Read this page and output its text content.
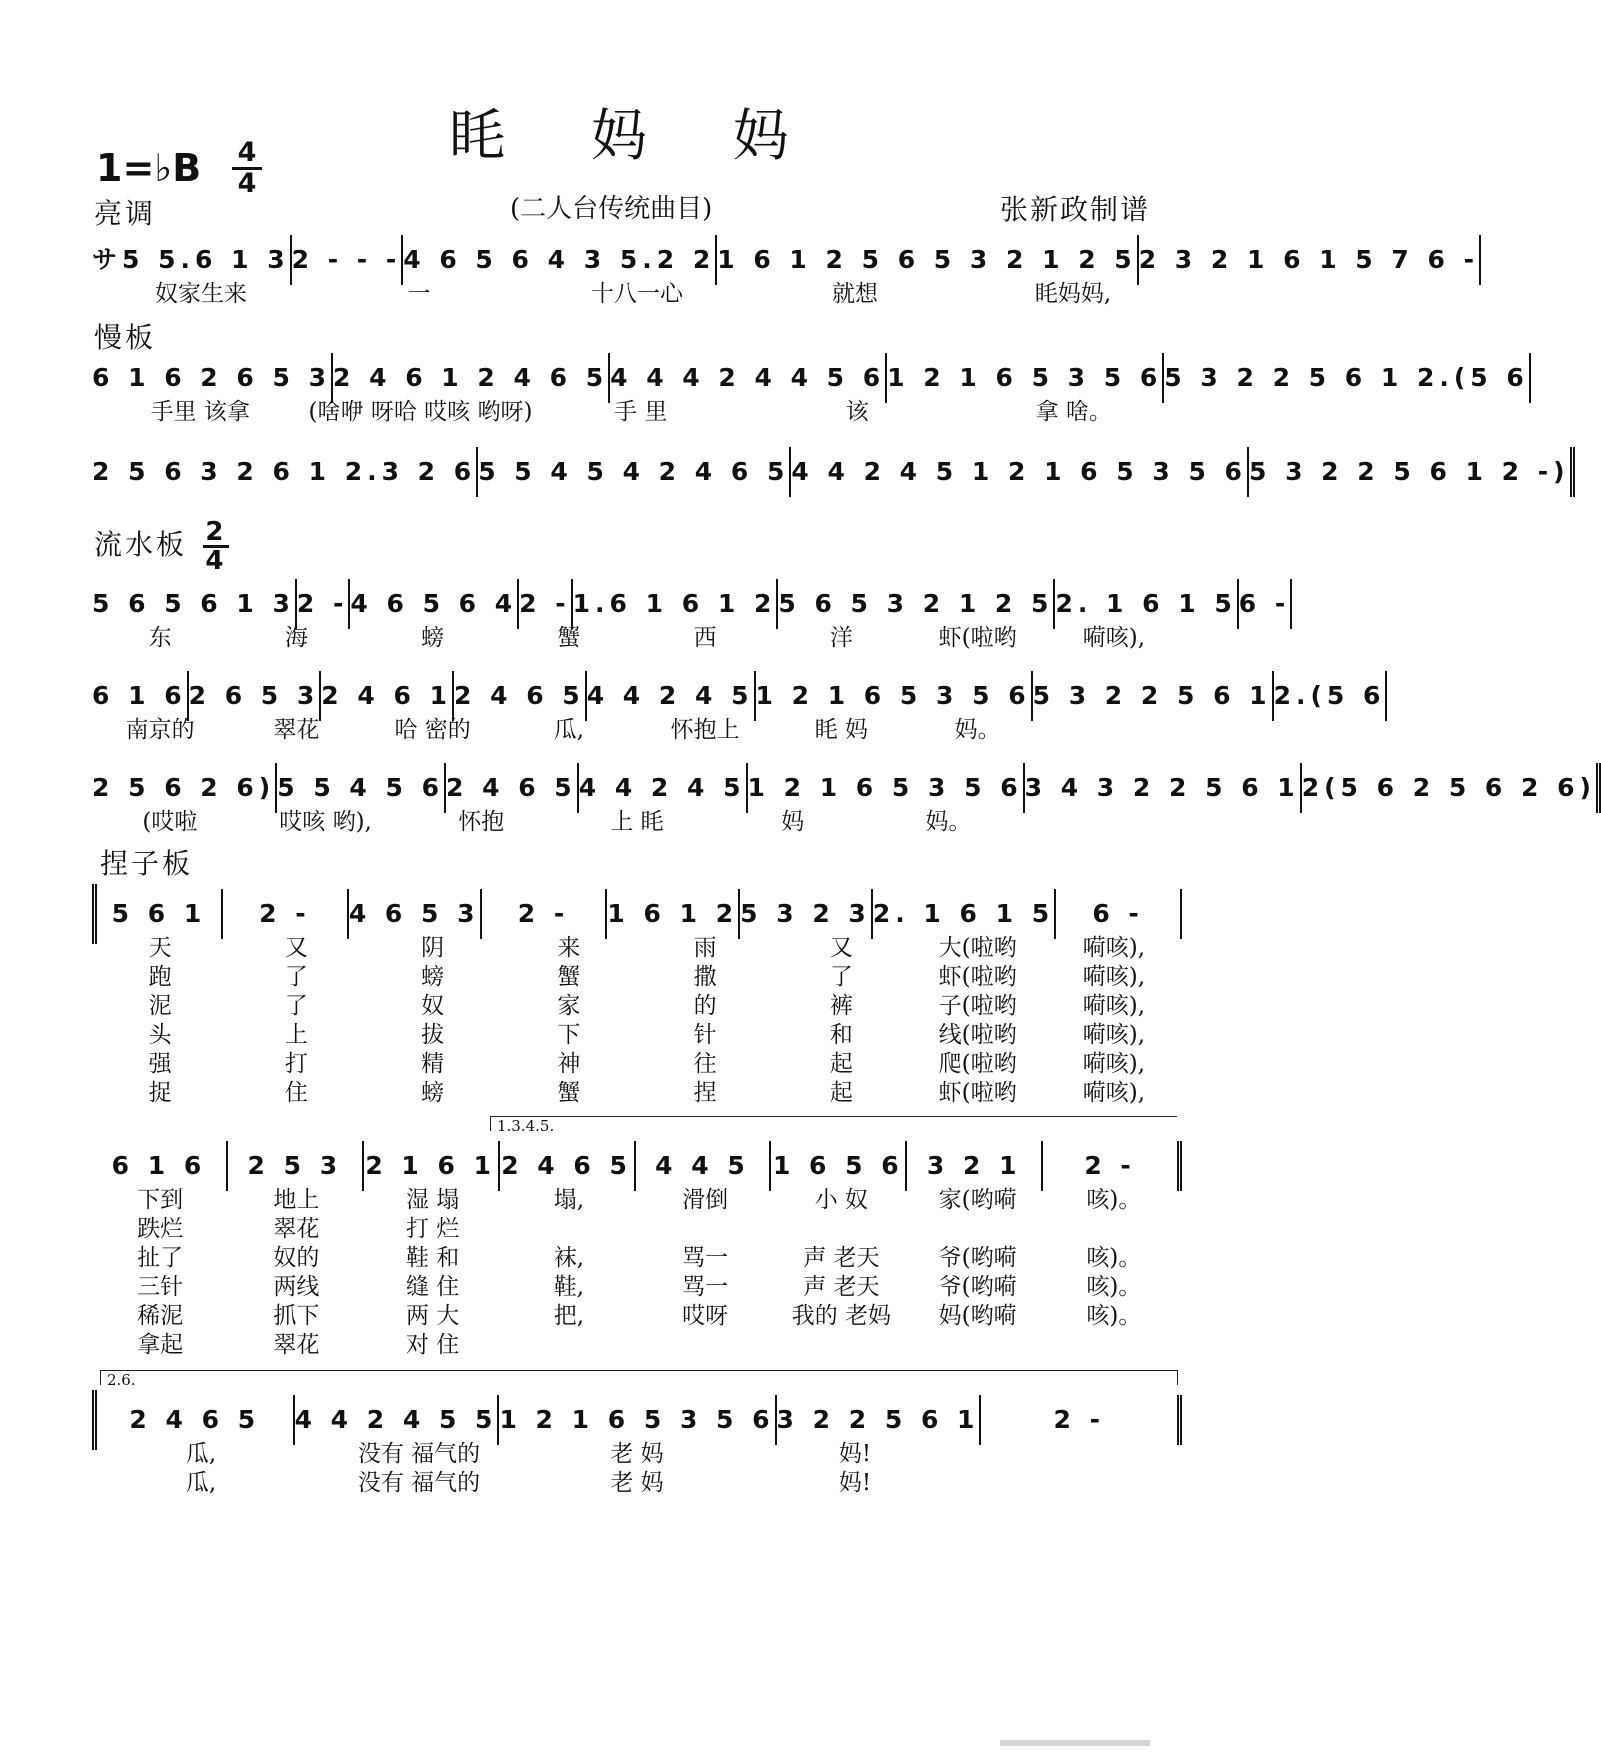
眊 妈 妈
1=♭B 4
4
(二人台传统曲目)	张新政制谱
亮调
サ5 5.6 1 3 2 - - - 4 6 5 6 4 3 5.2 2 1 6 1 2 5 6 5 3 2 1 2 5 2 3 2 1 6 1 5 7 6 -
奴家生来	一	十八一心	就想	眊妈妈,
慢板
6 1 6 2 6 5 3 2 4 6 1 2 4 6 5 4 4 4 2 4 4 5 6 1 2 1 6 5 3 5 6 5 3 2 2 5 6 1 2.(5 6
手里 该拿	(啥咿 呀哈 哎咳 哟呀)	手 里	该	拿 啥。
2 5 6 3 2 6 1 2.3 2 6 5 5 4 5 4 2 4 6 5 4 4 2 4 5 1 2 1 6 5 3 5 6 5 3 2 2 5 6 1 2 -)
流水板 $\frac{2}{4}$
5 6 5 6 1 3 2 - 4 6 5 6 4 2 - 1.6 1 6 1 2 5 6 5 3 2 1 2 5 2. 1 6 1 5 6 -
东	海	螃	蟹	西	洋	虾(啦哟	嗬咳),
6 1 6 2 6 5 3 2 4 6 1 2 4 6 5 4 4 2 4 5 1 2 1 6 5 3 5 6 5 3 2 2 5 6 1 2.(5 6
南京的	翠花	哈 密的	瓜,	怀抱上	眊 妈	妈。
2 5 6 2 6) 5 5 4 5 6 2 4 6 5 4 4 2 4 5 1 2 1 6 5 3 5 6 3 4 3 2 2 5 6 1 2(5 6 2 5 6 2 6)
(哎啦	哎咳 哟),	怀抱	上 眊	妈	妈。
捏子板
5 6 1	2 -	4 6 5 3	2 -	1 6 1 2 5 3 2 3 2. 1 6 1 5	6 -
天	又	阴	来	雨	又	大(啦哟	嗬咳),
跑	了	螃	蟹	撒	了	虾(啦哟	嗬咳),
泥	了	奴	家	的	裤	子(啦哟	嗬咳),
头	上	拔	下	针	和	线(啦哟	嗬咳),
强	打	精	神	往	起	爬(啦哟	嗬咳),
捉	住	螃	蟹	捏	起	虾(啦哟	嗬咳),
1.3.4.5.
6 1 6	2 5 3 2 1 6 1 2 4 6 5 4 4 5 1 6 5 6 3 2 1	2 -
下到	地上	湿 塌	塌,	滑倒	小 奴	家(哟嗬	咳)。
跌烂	翠花	打 烂
扯了	奴的	鞋 和	袜,	骂一	声 老天	爷(哟嗬	咳)。
三针	两线	缝 住	鞋,	骂一	声 老天	爷(哟嗬	咳)。
稀泥	抓下	两 大	把,	哎呀	我的 老妈	妈(哟嗬	咳)。
拿起	翠花	对 住
2.6.
2 4 6 5	4 4 2 4 5 5 1 2 1 6 5 3 5 6 3 2 2 5 6 1	2 -
瓜,	没有 福气的	老 妈	妈!
瓜,	没有 福气的	老 妈	妈!
